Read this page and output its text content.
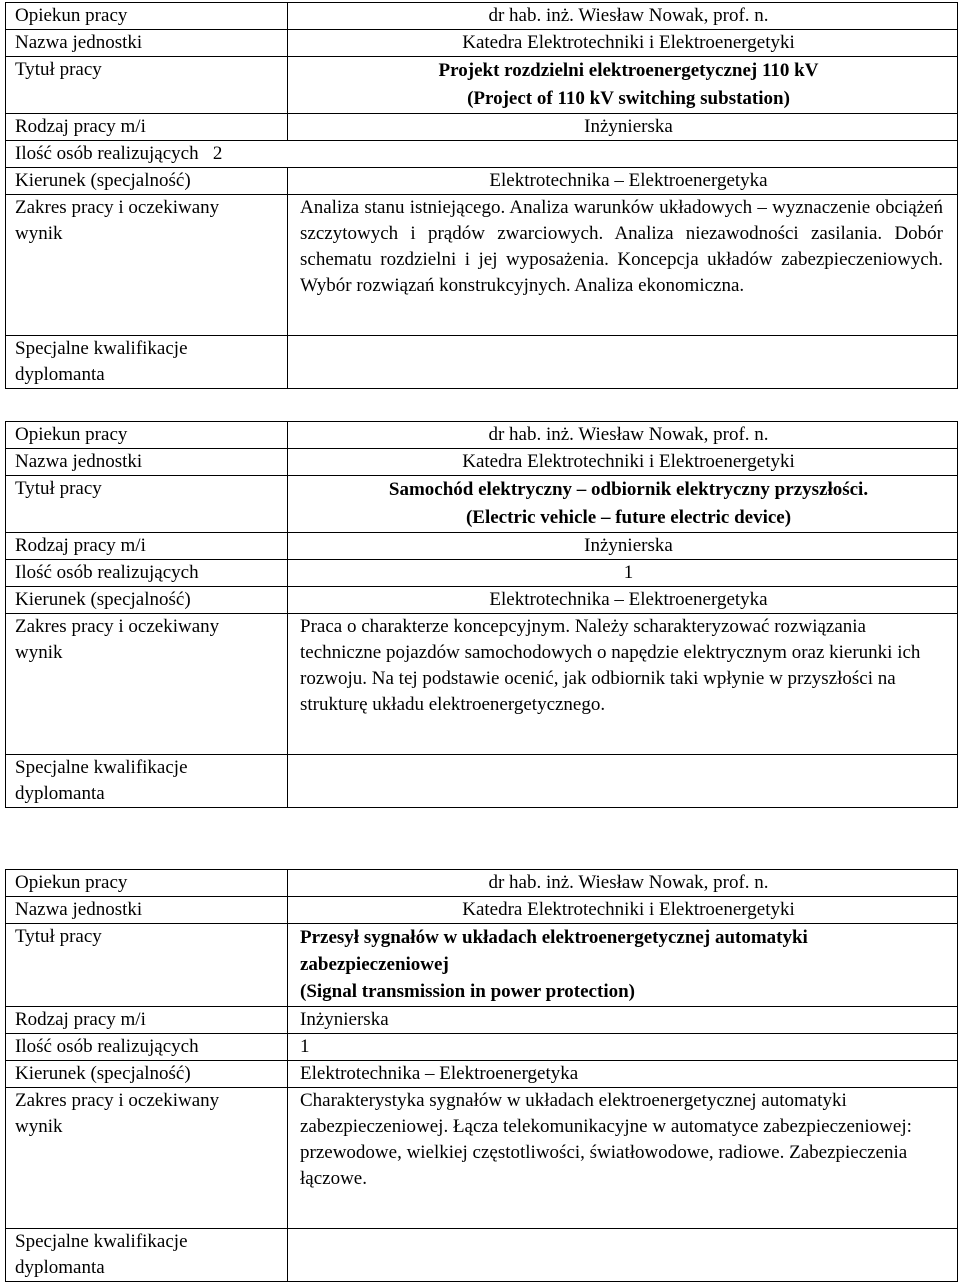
Opiekun pracy	dr hab. inż. Wiesław Nowak, prof. n.
Nazwa jednostki	Katedra Elektrotechniki i Elektroenergetyki
Tytuł pracy	Projekt rozdzielni elektroenergetycznej 110 kV
(Project of 110 kV switching substation)

Rodzaj pracy m/i	Inżynierska
Ilość osób realizujących 2	
Kierunek (specjalność)	Elektrotechnika – Elektroenergetyka
Zakres pracy i oczekiwany
wynik	Analiza stanu istniejącego. Analiza warunków układowych – wyznaczenie obciążeń szczytowych i prądów zwarciowych. Analiza niezawodności zasilania. Dobór schematu rozdzielni i jej wyposażenia. Koncepcja układów zabezpieczeniowych. Wybór rozwiązań konstrukcyjnych. Analiza ekonomiczna.
Specjalne kwalifikacje
dyplomanta	
Opiekun pracy	dr hab. inż. Wiesław Nowak, prof. n.
Nazwa jednostki	Katedra Elektrotechniki i Elektroenergetyki
Tytuł pracy	Samochód elektryczny – odbiornik elektryczny przyszłości.
(Electric vehicle – future electric device)

Rodzaj pracy m/i	Inżynierska
Ilość osób realizujących	1
Kierunek (specjalność)	Elektrotechnika – Elektroenergetyka
Zakres pracy i oczekiwany
wynik	Praca o charakterze koncepcyjnym. Należy scharakteryzować rozwiązania techniczne pojazdów samochodowych o napędzie elektrycznym oraz kierunki ich rozwoju. Na tej podstawie ocenić, jak odbiornik taki wpłynie w przyszłości na strukturę układu elektroenergetycznego.
Specjalne kwalifikacje
dyplomanta	
Opiekun pracy	dr hab. inż. Wiesław Nowak, prof. n.
Nazwa jednostki	Katedra Elektrotechniki i Elektroenergetyki
Tytuł pracy	Przesył sygnałów w układach elektroenergetycznej automatyki zabezpieczeniowej
(Signal transmission in power protection)
Rodzaj pracy m/i	Inżynierska
Ilość osób realizujących	1
Kierunek (specjalność)	Elektrotechnika – Elektroenergetyka
Zakres pracy i oczekiwany
wynik	Charakterystyka sygnałów w układach elektroenergetycznej automatyki zabezpieczeniowej. Łącza telekomunikacyjne w automatyce zabezpieczeniowej: przewodowe, wielkiej częstotliwości, światłowodowe, radiowe. Zabezpieczenia łączowe.
Specjalne kwalifikacje
dyplomanta	
